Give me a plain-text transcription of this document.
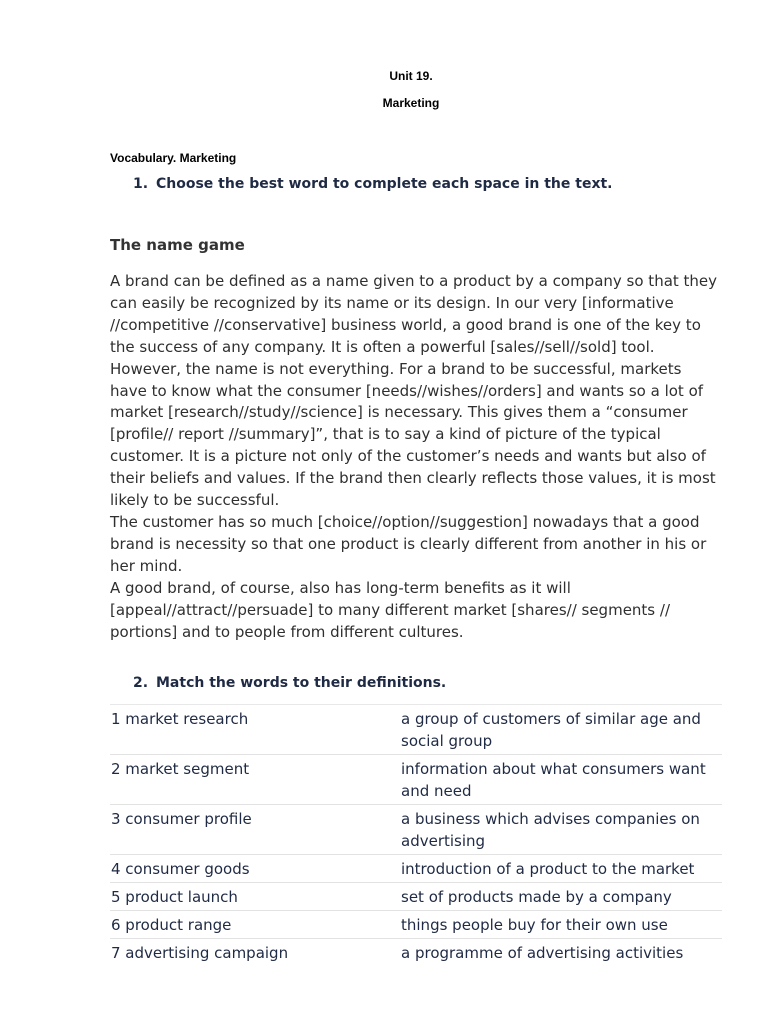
Unit 19.
Marketing
Vocabulary. Marketing
1. Choose the best word to complete each space in the text.
The name game

A brand can be defined as a name given to a product by a company so that they can easily be recognized by its name or its design. In our very [informative //competitive //conservative] business world, a good brand is one of the key to the success of any company. It is often a powerful [sales//sell//sold] tool.

However, the name is not everything. For a brand to be successful, markets have to know what the consumer [needs//wishes//orders] and wants so a lot of market [research//study//science] is necessary. This gives them a “consumer [profile// report //summary]”, that is to say a kind of picture of the typical customer. It is a picture not only of the customer’s needs and wants but also of their beliefs and values. If the brand then clearly reflects those values, it is most likely to be successful.

The customer has so much [choice//option//suggestion] nowadays that a good brand is necessity so that one product is clearly different from another in his or her mind.

A good brand, of course, also has long-term benefits as it will [appeal//attract//persuade] to many different market [shares// segments // portions] and to people from different cultures.

2. Match the words to their definitions.
1 market research	a group of customers of similar age and social group
2 market segment	information about what consumers want and need
3 consumer profile	a business which advises companies on advertising
4 consumer goods	introduction of a product to the market
5 product launch	set of products made by a company
6 product range	things people buy for their own use
7 advertising campaign	a programme of advertising activities
